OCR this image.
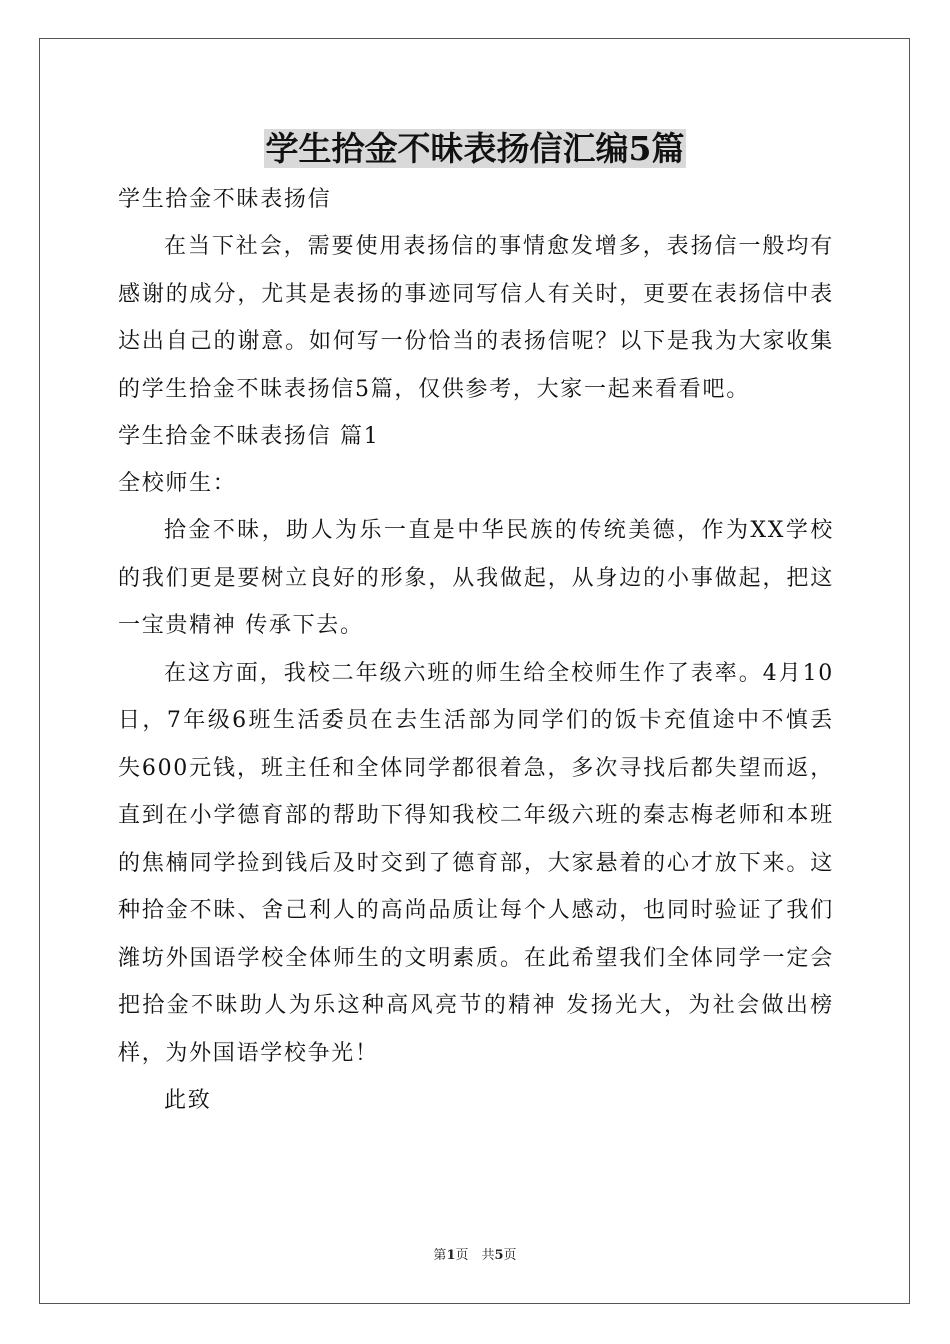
学生拾金不昧表扬信汇编5篇
学生拾金不昧表扬信

在当下社会，需要使用表扬信的事情愈发增多，表扬信一般均有感谢的成分，尤其是表扬的事迹同写信人有关时，更要在表扬信中表达出自己的谢意。如何写一份恰当的表扬信呢？以下是我为大家收集的学生拾金不昧表扬信5篇，仅供参考，大家一起来看看吧。

学生拾金不昧表扬信 篇1
全校师生：

拾金不昧，助人为乐一直是中华民族的传统美德，作为XX学校的我们更是要树立良好的形象，从我做起，从身边的小事做起，把这一宝贵精神 传承下去。

在这方面，我校二年级六班的师生给全校师生作了表率。4月10日，7年级6班生活委员在去生活部为同学们的饭卡充值途中不慎丢失600元钱，班主任和全体同学都很着急，多次寻找后都失望而返，直到在小学德育部的帮助下得知我校二年级六班的秦志梅老师和本班的焦楠同学捡到钱后及时交到了德育部，大家悬着的心才放下来。这种拾金不昧、舍己利人的高尚品质让每个人感动，也同时验证了我们潍坊外国语学校全体师生的文明素质。在此希望我们全体同学一定会把拾金不昧助人为乐这种高风亮节的精神 发扬光大，为社会做出榜样，为外国语学校争光！

此致
第1页　共5页
